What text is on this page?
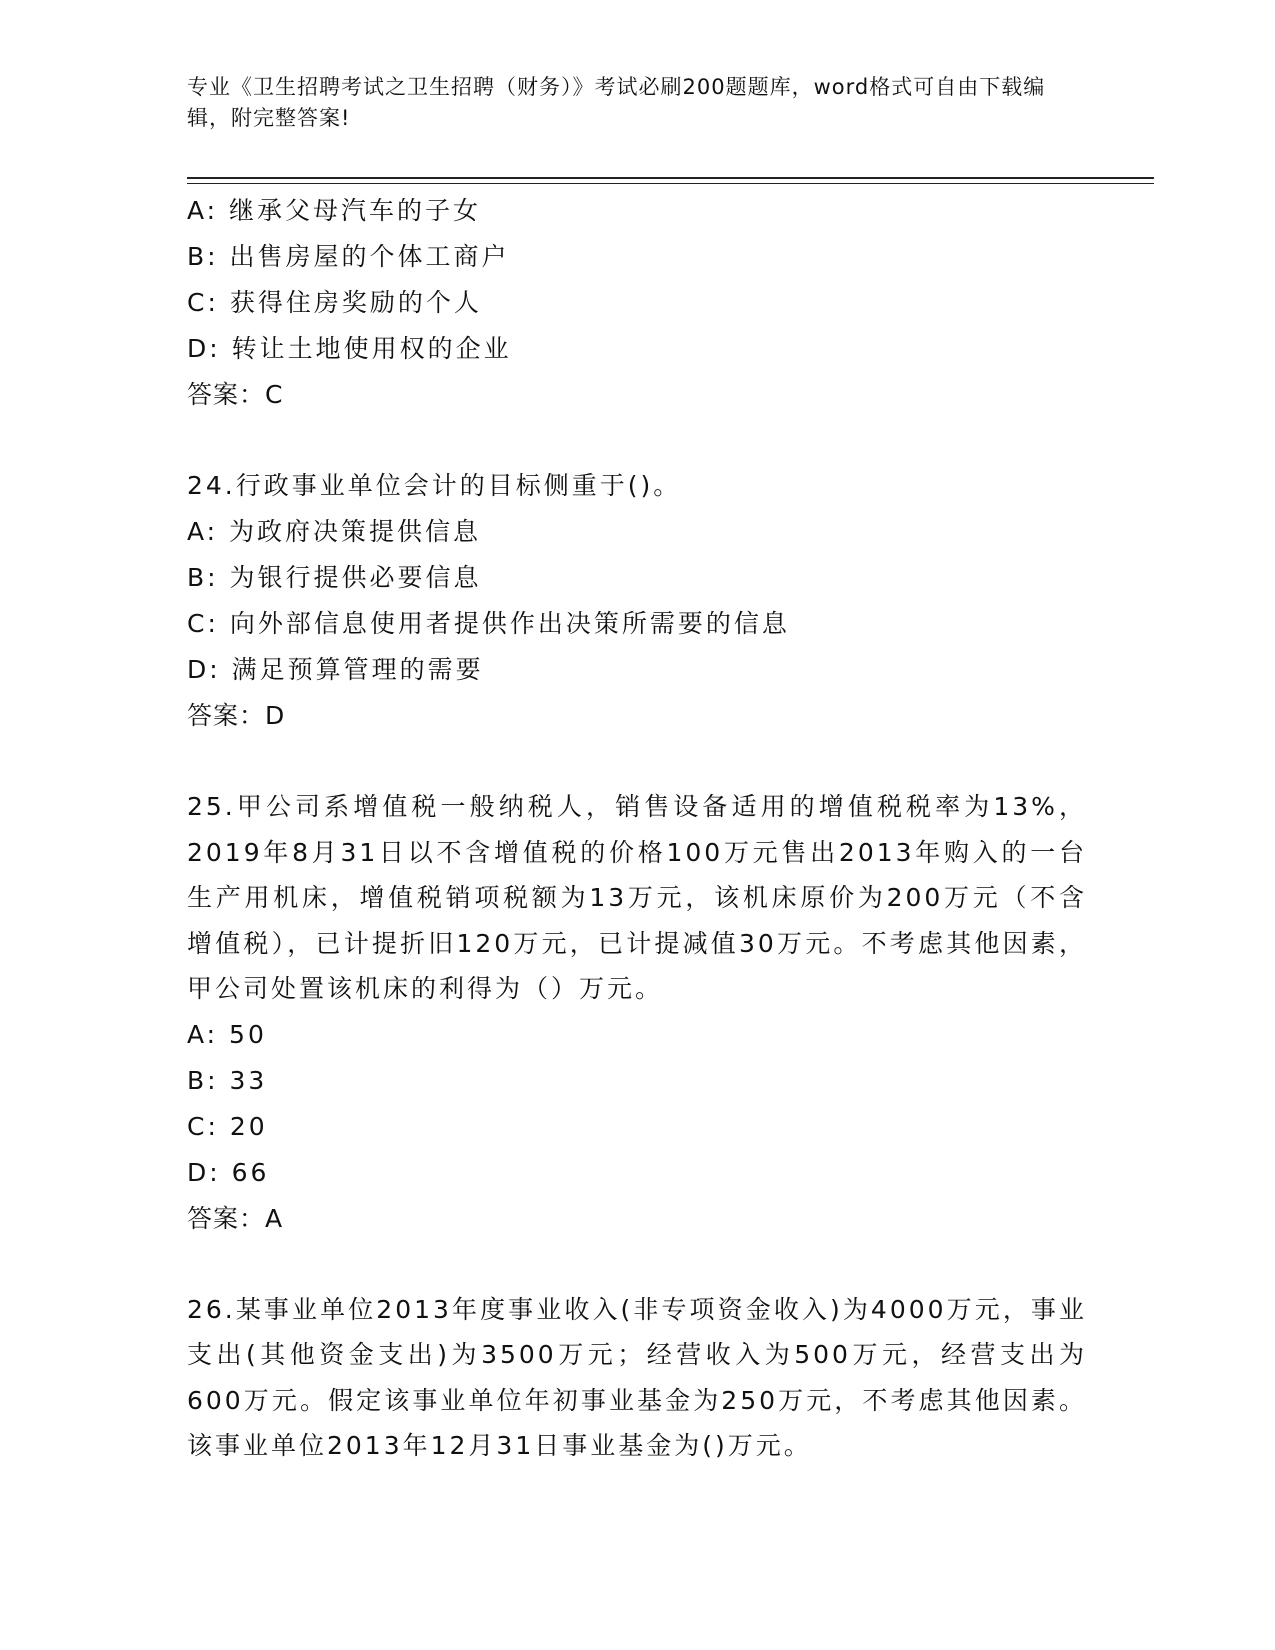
专业《卫生招聘考试之卫生招聘（财务）》考试必刷200题题库，word格式可自由下载编辑，附完整答案!
A: 继承父母汽车的子女
B: 出售房屋的个体工商户
C: 获得住房奖励的个人
D: 转让土地使用权的企业
答案：C
24.行政事业单位会计的目标侧重于()。
A: 为政府决策提供信息
B: 为银行提供必要信息
C: 向外部信息使用者提供作出决策所需要的信息
D: 满足预算管理的需要
答案：D
25.甲公司系增值税一般纳税人，销售设备适用的增值税税率为13%，2019年8月31日以不含增值税的价格100万元售出2013年购入的一台生产用机床，增值税销项税额为13万元，该机床原价为200万元（不含增值税），已计提折旧120万元，已计提减值30万元。不考虑其他因素，甲公司处置该机床的利得为（）万元。
A: 50
B: 33
C: 20
D: 66
答案：A
26.某事业单位2013年度事业收入(非专项资金收入)为4000万元，事业支出(其他资金支出)为3500万元；经营收入为500万元，经营支出为600万元。假定该事业单位年初事业基金为250万元，不考虑其他因素。该事业单位2013年12月31日事业基金为()万元。
